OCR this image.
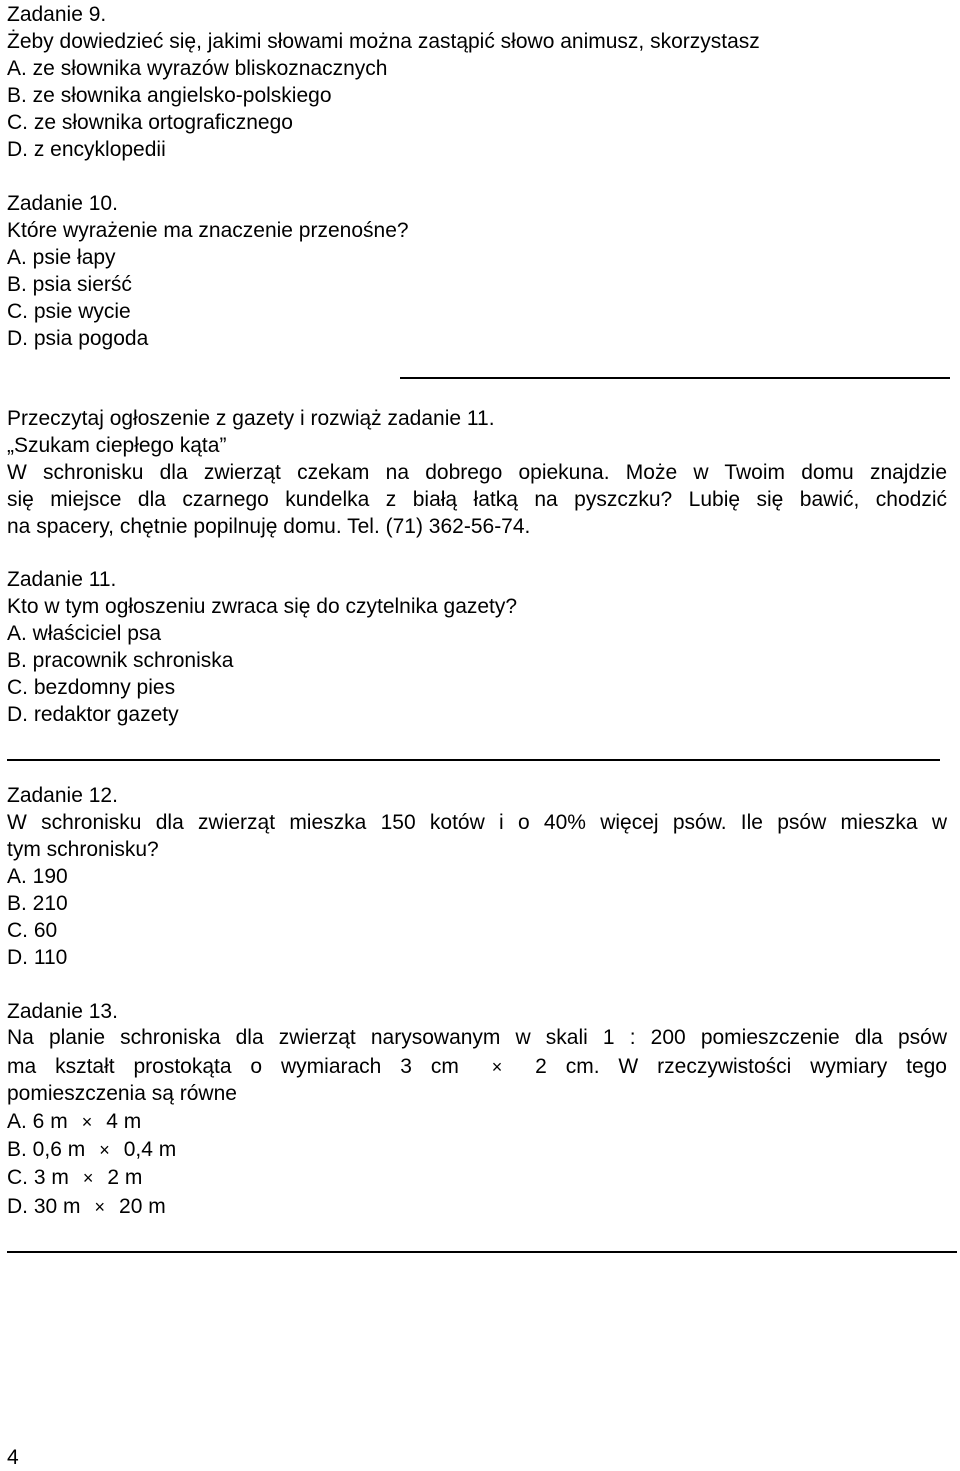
Zadanie 9.
Żeby dowiedzieć się, jakimi słowami można zastąpić słowo animusz, skorzystasz
A. ze słownika wyrazów bliskoznacznych
B. ze słownika angielsko-polskiego
C. ze słownika ortograficznego
D. z encyklopedii
Zadanie 10.
Które wyrażenie ma znaczenie przenośne?
A. psie łapy
B. psia sierść
C. psie wycie
D. psia pogoda
Przeczytaj ogłoszenie z gazety i rozwiąż zadanie 11.
„Szukam ciepłego kąta”
W schronisku dla zwierząt czekam na dobrego opiekuna. Może w Twoim domu znajdzie
się miejsce dla czarnego kundelka z białą łatką na pyszczku? Lubię się bawić, chodzić
na spacery, chętnie popilnuję domu. Tel. (71) 362-56-74.
Zadanie 11.
Kto w tym ogłoszeniu zwraca się do czytelnika gazety?
A. właściciel psa
B. pracownik schroniska
C. bezdomny pies
D. redaktor gazety
Zadanie 12.
W schronisku dla zwierząt mieszka 150 kotów i o 40% więcej psów. Ile psów mieszka w
tym schronisku?
A. 190
B. 210
C. 60
D. 110
Zadanie 13.
Na planie schroniska dla zwierząt narysowanym w skali 1 : 200 pomieszczenie dla psów
ma kształt prostokąta o wymiarach 3 cm × 2 cm. W rzeczywistości wymiary tego
pomieszczenia są równe
A. 6 m × 4 m
B. 0,6 m × 0,4 m
C. 3 m × 2 m
D. 30 m × 20 m
4
